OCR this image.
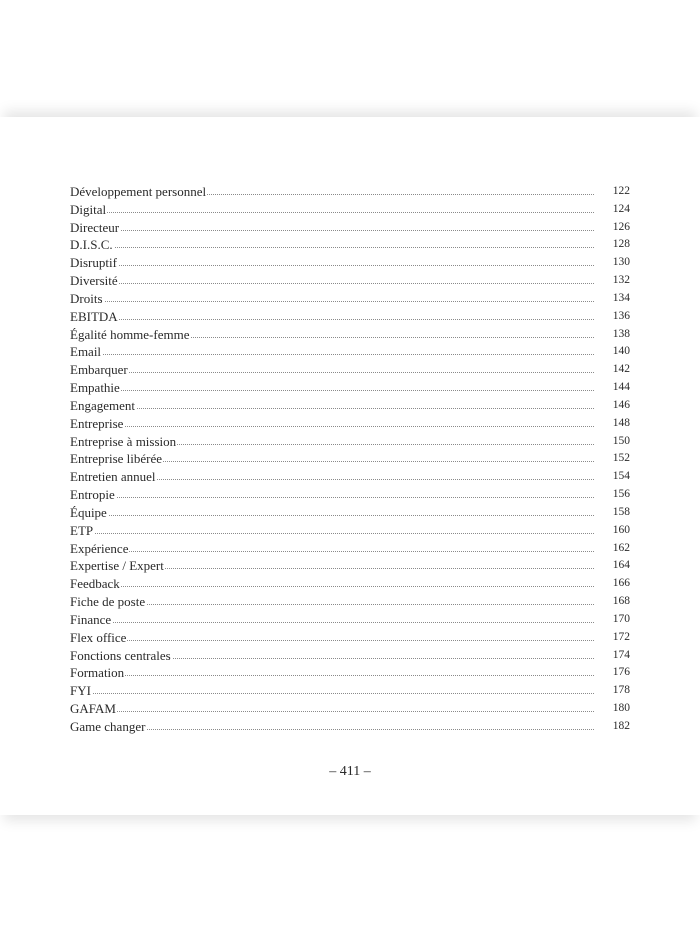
Développement personnel	122
Digital	124
Directeur	126
D.I.S.C.	128
Disruptif	130
Diversité	132
Droits	134
EBITDA	136
Égalité homme-femme	138
Email	140
Embarquer	142
Empathie	144
Engagement	146
Entreprise	148
Entreprise à mission	150
Entreprise libérée	152
Entretien annuel	154
Entropie	156
Équipe	158
ETP	160
Expérience	162
Expertise / Expert	164
Feedback	166
Fiche de poste	168
Finance	170
Flex office	172
Fonctions centrales	174
Formation	176
FYI	178
GAFAM	180
Game changer	182
– 411 –
